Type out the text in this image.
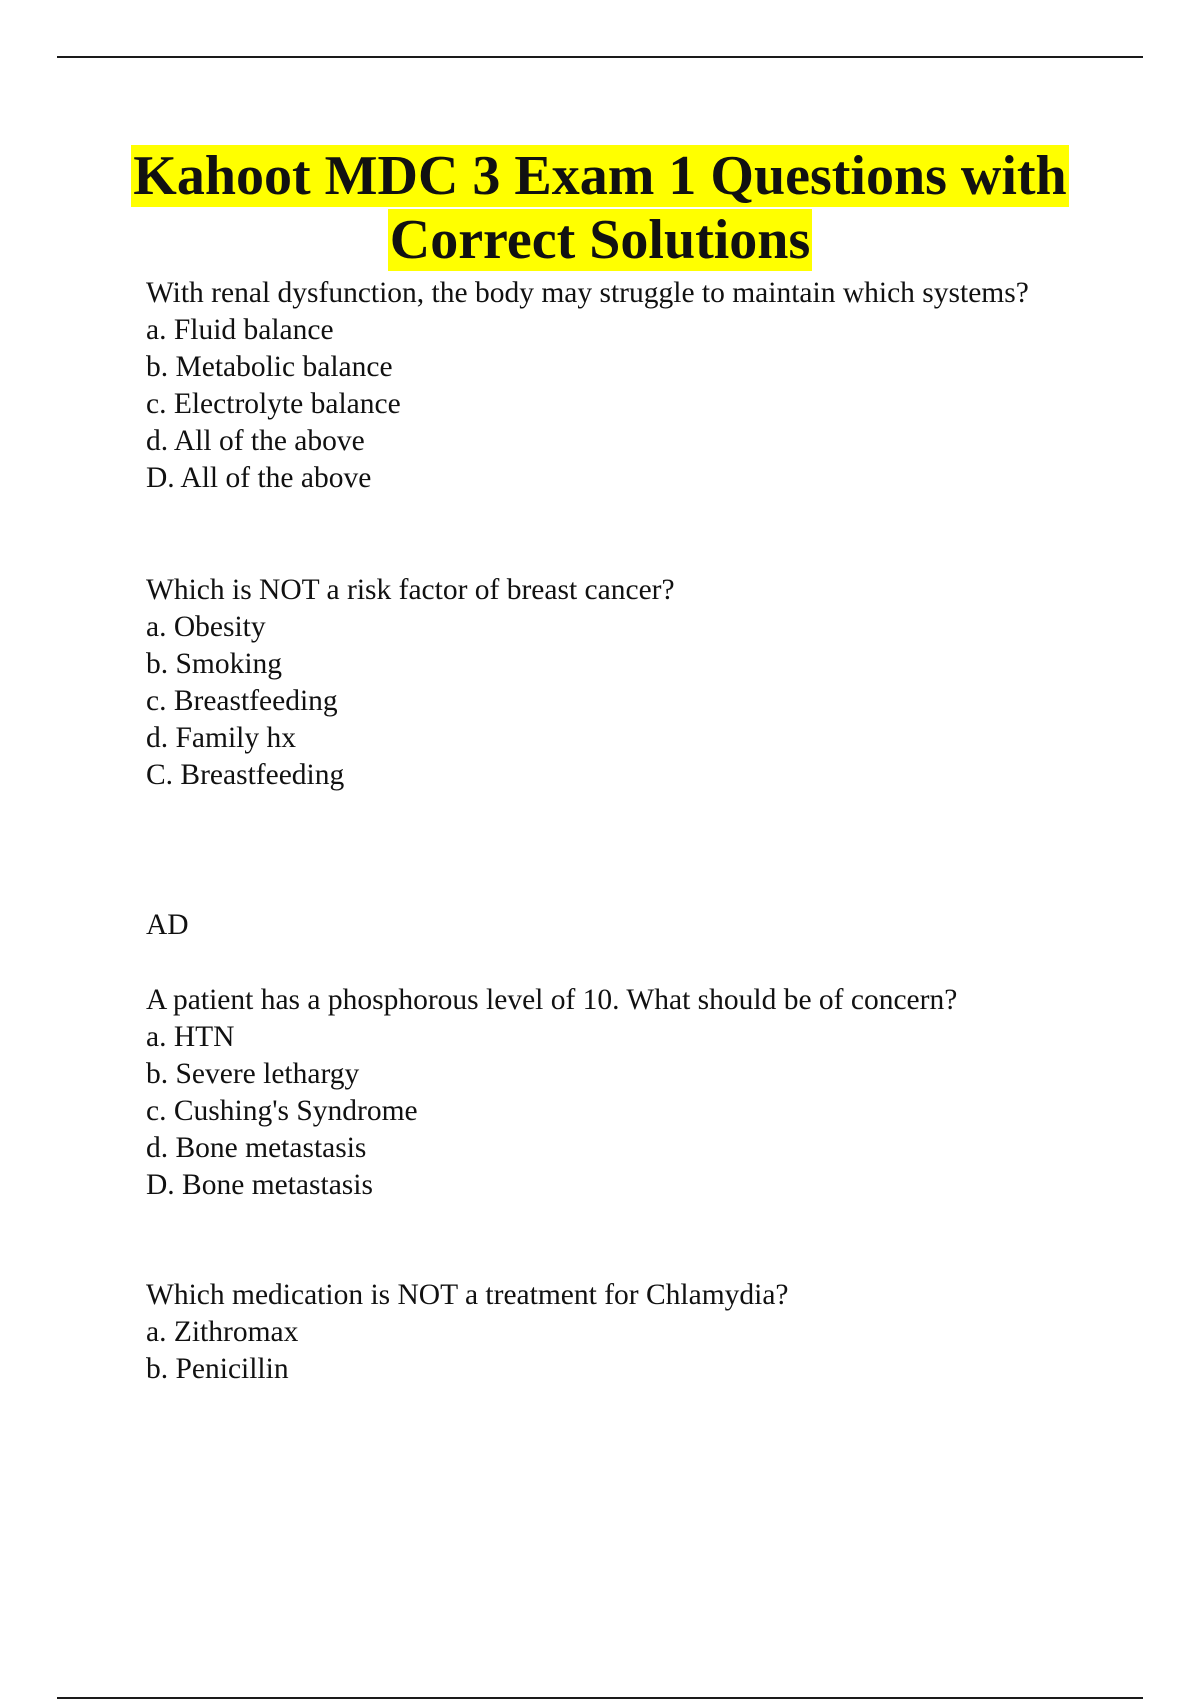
Kahoot MDC 3 Exam 1 Questions with
Correct Solutions

With renal dysfunction, the body may struggle to maintain which systems?

a. Fluid balance

b. Metabolic balance

c. Electrolyte balance

d. All of the above

D. All of the above

Which is NOT a risk factor of breast cancer?

a. Obesity

b. Smoking

c. Breastfeeding

d. Family hx

C. Breastfeeding

AD

A patient has a phosphorous level of 10. What should be of concern?

a. HTN

b. Severe lethargy

c. Cushing's Syndrome

d. Bone metastasis

D. Bone metastasis

Which medication is NOT a treatment for Chlamydia?

a. Zithromax

b. Penicillin
